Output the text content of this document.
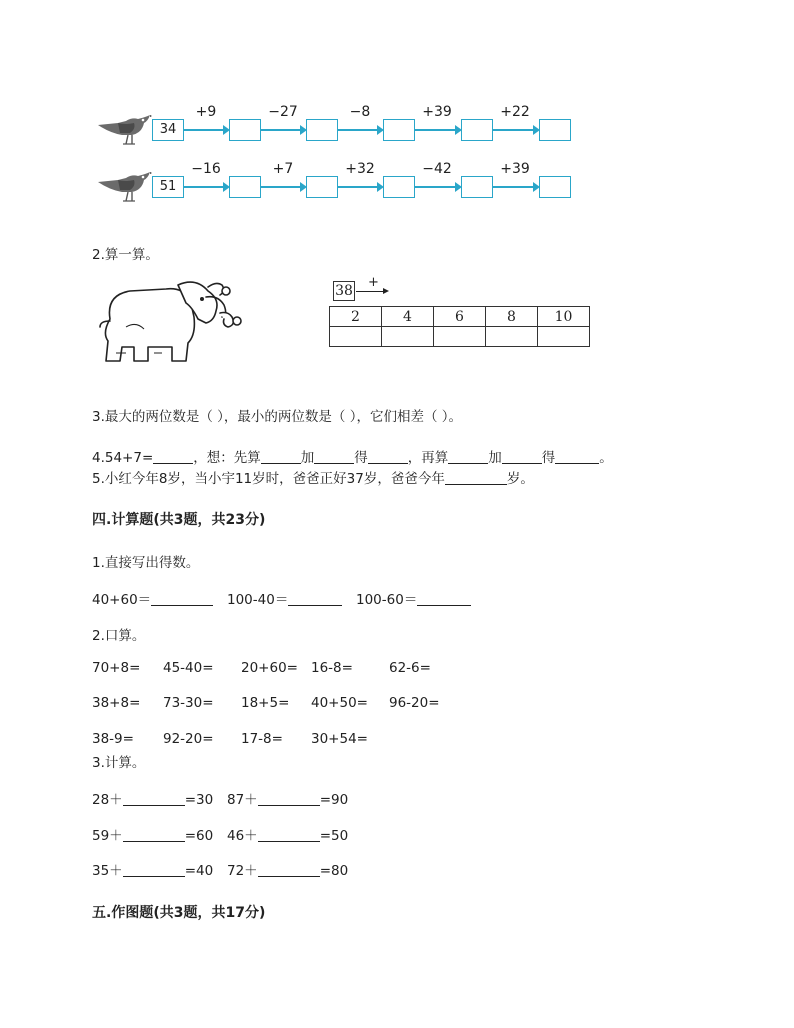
34
+9	−27	−8	+39	+22
51
−16	+7	+32	−42	+39
2.算一算。
38
+
2	4	6	8	10

3.最大的两位数是（ ），最小的两位数是（ ），它们相差（ ）。
4.54+7=	，想：先算	加	得	，再算	加	得	。
5.小红今年8岁，当小宇11岁时，爸爸正好37岁，爸爸今年	岁。
四.计算题(共3题，共23分)
1.直接写出得数。
40+60＝	100-40＝	100-60＝
2.口算。
70+8= 45-40= 20+60= 16-8=	62-6=
38+8= 73-30= 18+5= 40+50= 96-20=
38-9= 92-20= 17-8= 30+54=
3.计算。
28＋	=30 87＋	=90
59＋	=60 46＋	=50
35＋	=40 72＋	=80
五.作图题(共3题，共17分)
